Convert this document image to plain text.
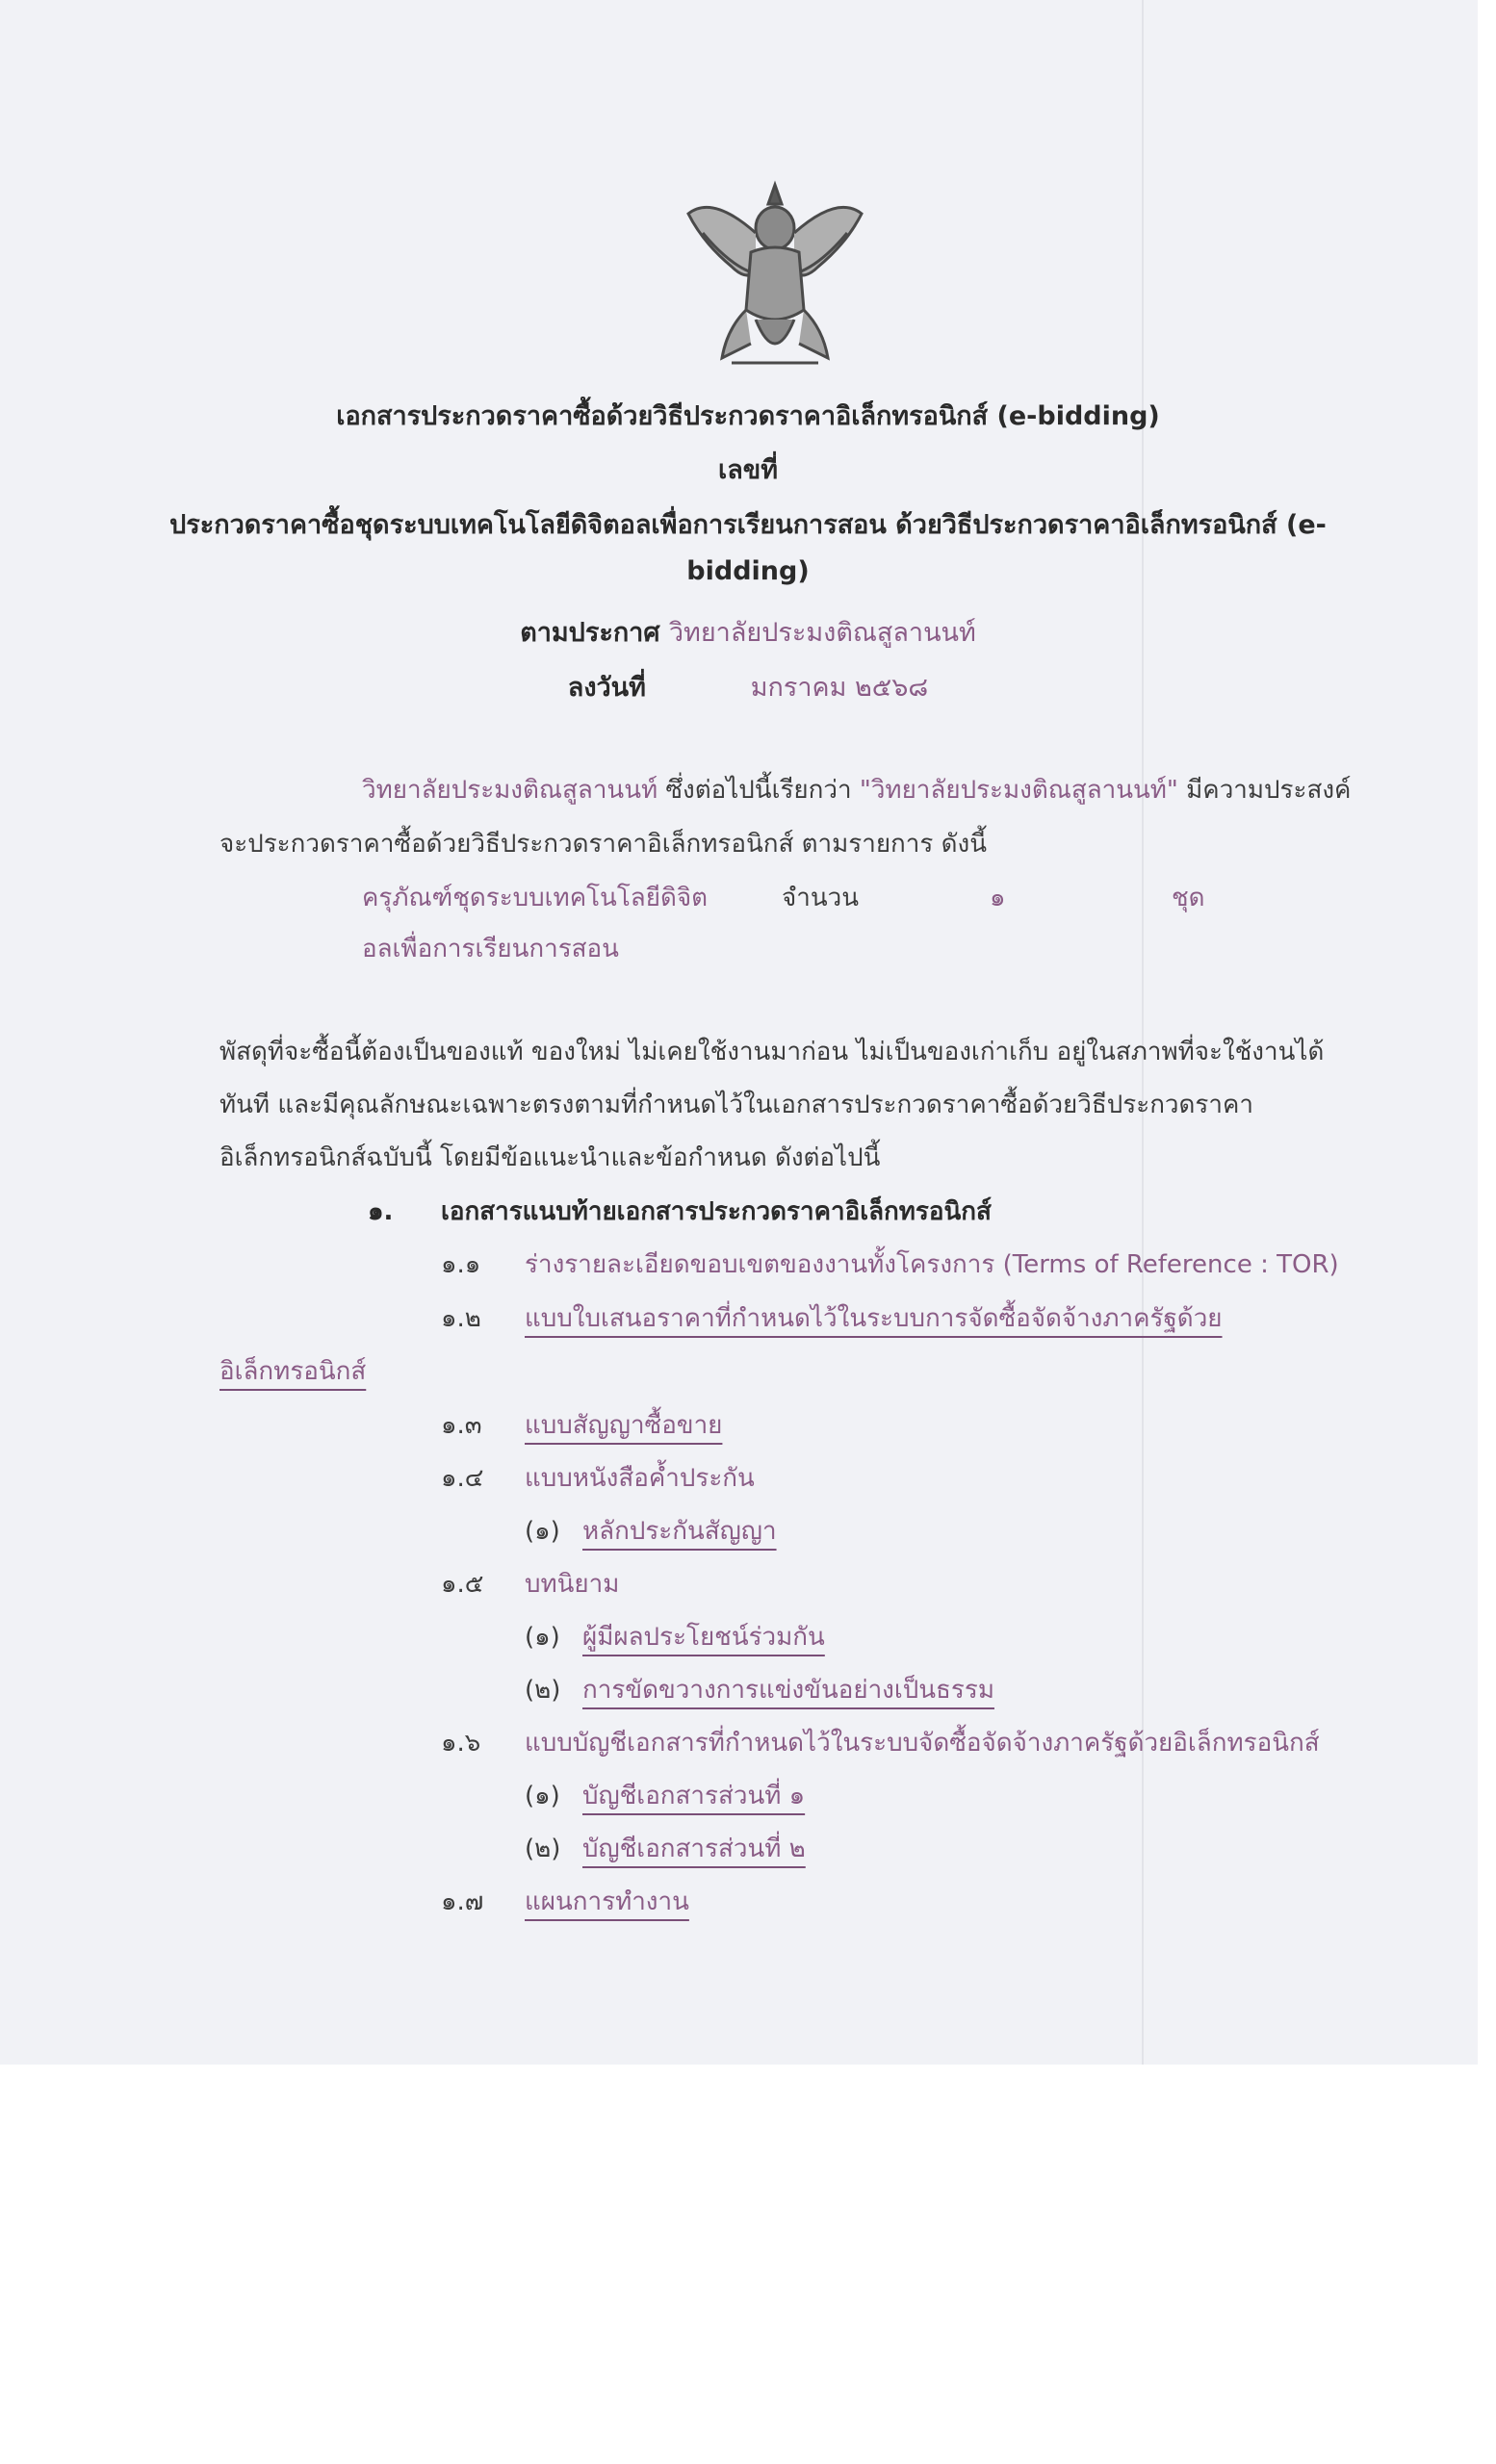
เอกสารประกวดราคาซื้อด้วยวิธีประกวดราคาอิเล็กทรอนิกส์ (e-bidding)
เลขที่
ประกวดราคาซื้อชุดระบบเทคโนโลยีดิจิตอลเพื่อการเรียนการสอน ด้วยวิธีประกวดราคาอิเล็กทรอนิกส์ (e-
bidding)
ตามประกาศ วิทยาลัยประมงติณสูลานนท์
ลงวันที่	มกราคม ๒๕๖๘
วิทยาลัยประมงติณสูลานนท์ ซึ่งต่อไปนี้เรียกว่า "วิทยาลัยประมงติณสูลานนท์" มีความประสงค์
จะประกวดราคาซื้อด้วยวิธีประกวดราคาอิเล็กทรอนิกส์ ตามรายการ ดังนี้
ครุภัณฑ์ชุดระบบเทคโนโลยีดิจิต	จำนวน	๑	ชุด
อลเพื่อการเรียนการสอน
พัสดุที่จะซื้อนี้ต้องเป็นของแท้ ของใหม่ ไม่เคยใช้งานมาก่อน ไม่เป็นของเก่าเก็บ อยู่ในสภาพที่จะใช้งานได้
ทันที และมีคุณลักษณะเฉพาะตรงตามที่กำหนดไว้ในเอกสารประกวดราคาซื้อด้วยวิธีประกวดราคา
อิเล็กทรอนิกส์ฉบับนี้ โดยมีข้อแนะนำและข้อกำหนด ดังต่อไปนี้
๑. เอกสารแนบท้ายเอกสารประกวดราคาอิเล็กทรอนิกส์
๑.๑ ร่างรายละเอียดขอบเขตของงานทั้งโครงการ (Terms of Reference : TOR)
๑.๒ แบบใบเสนอราคาที่กำหนดไว้ในระบบการจัดซื้อจัดจ้างภาครัฐด้วย
อิเล็กทรอนิกส์
๑.๓ แบบสัญญาซื้อขาย
๑.๔ แบบหนังสือค้ำประกัน
(๑) หลักประกันสัญญา
๑.๕ บทนิยาม
(๑) ผู้มีผลประโยชน์ร่วมกัน
(๒) การขัดขวางการแข่งขันอย่างเป็นธรรม
๑.๖ แบบบัญชีเอกสารที่กำหนดไว้ในระบบจัดซื้อจัดจ้างภาครัฐด้วยอิเล็กทรอนิกส์
(๑) บัญชีเอกสารส่วนที่ ๑
(๒) บัญชีเอกสารส่วนที่ ๒
๑.๗ แผนการทำงาน
